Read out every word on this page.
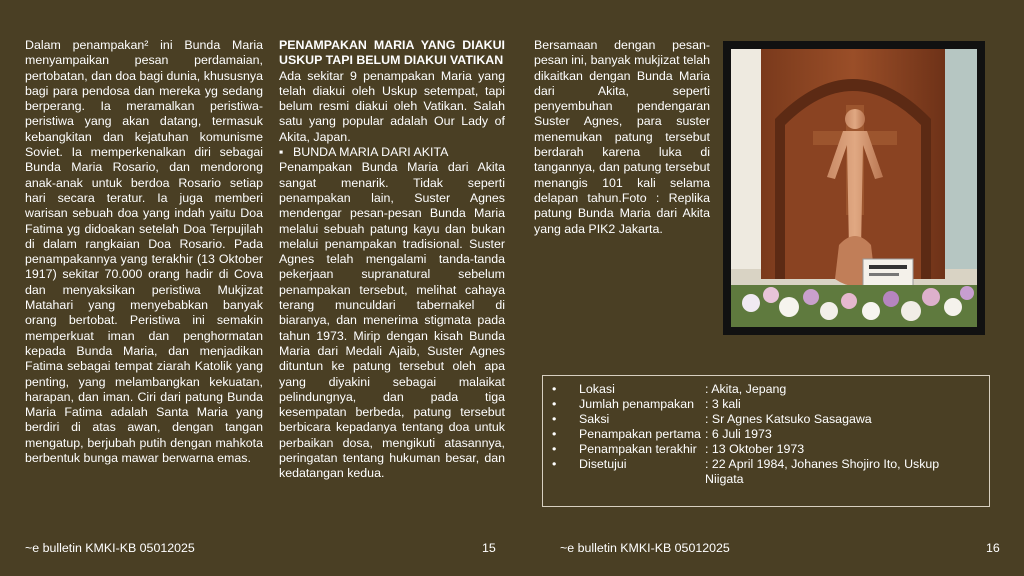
Dalam penampakan² ini Bunda Maria menyampaikan pesan perdamaian, pertobatan, dan doa bagi dunia, khususnya bagi para pendosa dan mereka yg sedang berperang. Ia meramalkan peristiwa-peristiwa yang akan datang, termasuk kebangkitan dan kejatuhan komunisme Soviet. Ia memperkenalkan diri sebagai Bunda Maria Rosario, dan mendorong anak-anak untuk berdoa Rosario setiap hari secara teratur. Ia juga memberi warisan sebuah doa yang indah yaitu Doa Fatima yg didoakan setelah Doa Terpujilah di dalam rangkaian Doa Rosario. Pada penampakannya yang terakhir (13 Oktober 1917) sekitar 70.000 orang hadir di Cova dan menyaksikan peristiwa Mukjizat Matahari yang menyebabkan banyak orang bertobat. Peristiwa ini semakin memperkuat iman dan penghormatan kepada Bunda Maria, dan menjadikan Fatima sebagai tempat ziarah Katolik yang penting, yang melambangkan kekuatan, harapan, dan iman. Ciri dari patung Bunda Maria Fatima adalah Santa Maria yang berdiri di atas awan, dengan tangan mengatup, berjubah putih dengan mahkota berbentuk bunga mawar berwarna emas.

PENAMPAKAN MARIA YANG DIAKUI USKUP TAPI BELUM DIAKUI VATIKAN

Ada sekitar 9 penampakan Maria yang telah diakui oleh Uskup setempat, tapi belum resmi diakui oleh Vatikan. Salah satu yang popular adalah Our Lady of Akita, Japan.

▪ BUNDA MARIA DARI AKITA

Penampakan Bunda Maria dari Akita sangat menarik. Tidak seperti penampakan lain, Suster Agnes mendengar pesan-pesan Bunda Maria melalui sebuah patung kayu dan bukan melalui penampakan tradisional. Suster Agnes telah mengalami tanda-tanda pekerjaan supranatural sebelum penampakan tersebut, melihat cahaya terang munculdari tabernakel di biaranya, dan menerima stigmata pada tahun 1973. Mirip dengan kisah Bunda Maria dari Medali Ajaib, Suster Agnes dituntun ke patung tersebut oleh apa yang diyakini sebagai malaikat pelindungnya, dan pada tiga kesempatan berbeda, patung tersebut berbicara kepadanya tentang doa untuk perbaikan dosa, mengikuti atasannya, peringatan tentang hukuman besar, dan kedatangan kedua.

Bersamaan dengan pesan-pesan ini, banyak mukjizat telah dikaitkan dengan Bunda Maria dari Akita, seperti penyembuhan pendengaran Suster Agnes, para suster menemukan patung tersebut berdarah karena luka di tangannya, dan patung tersebut menangis 101 kali selama delapan tahun.Foto : Replika patung Bunda Maria dari Akita yang ada PIK2 Jakarta.

• Lokasi	: Akita, Jepang
• Jumlah penampakan : 3 kali
• Saksi	: Sr Agnes Katsuko Sasagawa
• Penampakan pertama : 6 Juli 1973
• Penampakan terakhir : 13 Oktober 1973
• Disetujui	: 22 April 1984, Johanes Shojiro Ito, Uskup Niigata
~e bulletin KMKI-KB 05012025	15	~e bulletin KMKI-KB 05012025	16
